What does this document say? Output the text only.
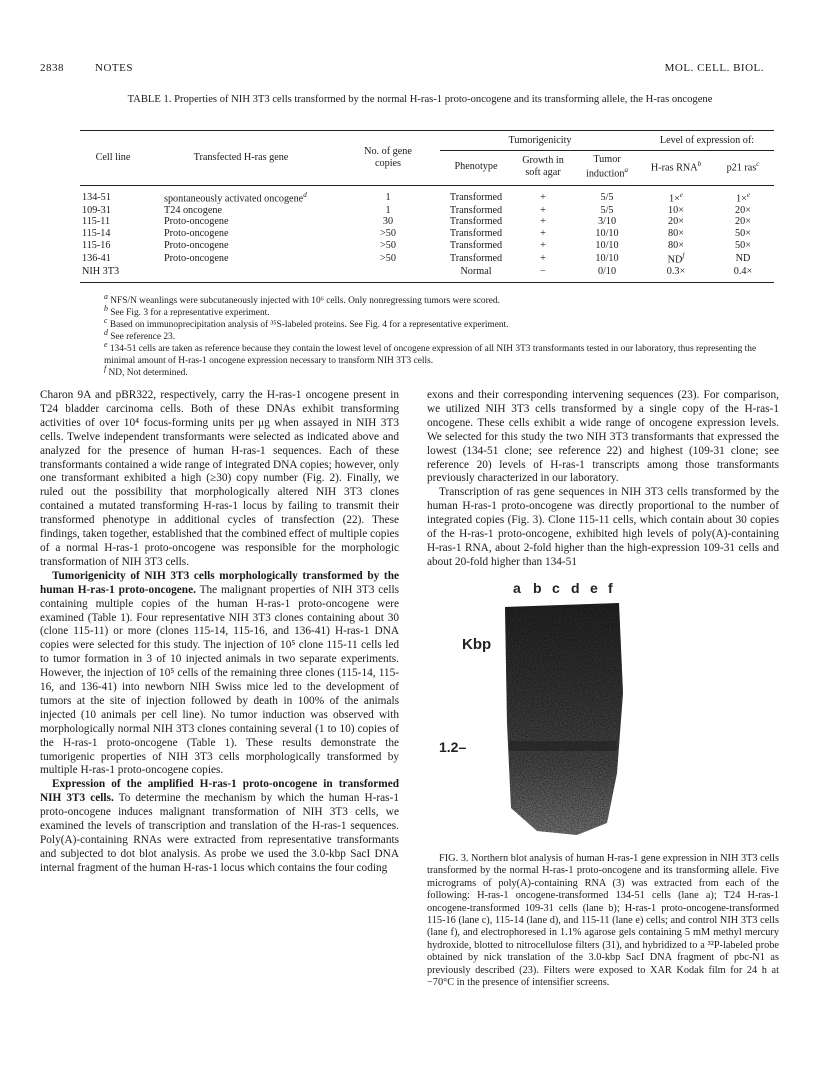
2838	NOTES	MOL. CELL. BIOL.
TABLE 1. Properties of NIH 3T3 cells transformed by the normal H-ras-1 proto-oncogene and its transforming allele, the H-ras oncogene
Cell line	Transfected H-ras gene	No. of gene copies	Tumorigenicity			Level of expression of:	
			Phenotype	Growth in soft agar	Tumor induction$^a$	H-ras RNA$^b$	p21 ras$^c$
134-51	spontaneously activated oncogene$^d$	1	Transformed	+	5/5	1×$^e$	1×$^e$
109-31	T24 oncogene	1	Transformed	+	5/5	10×	20×
115-11	Proto-oncogene	30	Transformed	+	3/10	20×	20×
115-14	Proto-oncogene	>50	Transformed	+	10/10	80×	50×
115-16	Proto-oncogene	>50	Transformed	+	10/10	80×	50×
136-41	Proto-oncogene	>50	Transformed	+	10/10	$ND^f$	ND
NIH 3T3			Normal	−	0/10	0.3×	0.4×
$^a$ NFS/N weanlings were subcutaneously injected with 10⁶ cells. Only nonregressing tumors were scored.
$^b$ See Fig. 3 for a representative experiment.
$^c$ Based on immunoprecipitation analysis of ³⁵S-labeled proteins. See Fig. 4 for a representative experiment.
$^d$ See reference 23.
$^e$ 134-51 cells are taken as reference because they contain the lowest level of oncogene expression of all NIH 3T3 transformants tested in our laboratory, thus representing the minimal amount of H-ras-1 oncogene expression necessary to transform NIH 3T3 cells.
$^f$ ND, Not determined.

Charon 9A and pBR322, respectively, carry the H-ras-1 oncogene present in T24 bladder carcinoma cells. Both of these DNAs exhibit transforming activities of over 10⁴ focus-forming units per μg when assayed in NIH 3T3 cells. Twelve independent transformants were selected as indicated above and analyzed for the presence of human H-ras-1 sequences. Each of these transformants contained a wide range of integrated DNA copies; however, only one transformant exhibited a high (≥30) copy number (Fig. 2). Finally, we ruled out the possibility that morphologically altered NIH 3T3 clones contained a mutated transforming H-ras-1 locus by failing to transmit their transformed phenotype in additional cycles of transfection (22). These findings, taken together, established that the combined effect of multiple copies of a normal H-ras-1 proto-oncogene was responsible for the morphologic transformation of NIH 3T3 cells.

Tumorigenicity of NIH 3T3 cells morphologically transformed by the human H-ras-1 proto-oncogene. The malignant properties of NIH 3T3 cells containing multiple copies of the human H-ras-1 proto-oncogene were examined (Table 1). Four representative NIH 3T3 clones containing about 30 (clone 115-11) or more (clones 115-14, 115-16, and 136-41) H-ras-1 DNA copies were selected for this study. The injection of 10⁵ clone 115-11 cells led to tumor formation in 3 of 10 injected animals in two separate experiments. However, the injection of 10⁵ cells of the remaining three clones (115-14, 115-16, and 136-41) into newborn NIH Swiss mice led to the development of tumors at the site of injection followed by death in 100% of the animals injected (10 animals per cell line). No tumor induction was observed with morphologically normal NIH 3T3 clones containing several (1 to 10) copies of the H-ras-1 proto-oncogene (Table 1). These results demonstrate the tumorigenic properties of NIH 3T3 cells morphologically transformed by multiple H-ras-1 proto-oncogene copies.

Expression of the amplified H-ras-1 proto-oncogene in transformed NIH 3T3 cells. To determine the mechanism by which the human H-ras-1 proto-oncogene induces malignant transformation of NIH 3T3 cells, we examined the levels of transcription and translation of the H-ras-1 sequences. Poly(A)-containing RNAs were extracted from representative transformants and subjected to dot blot analysis. As probe we used the 3.0-kbp SacI DNA internal fragment of the human H-ras-1 locus which contains the four coding

exons and their corresponding intervening sequences (23). For comparison, we utilized NIH 3T3 cells transformed by a single copy of the H-ras-1 oncogene. These cells exhibit a wide range of oncogene expression levels. We selected for this study the two NIH 3T3 transformants that expressed the lowest (134-51 clone; see reference 22) and highest (109-31 clone; see reference 20) levels of H-ras-1 transcripts among those transformants previously characterized in our laboratory.

Transcription of ras gene sequences in NIH 3T3 cells transformed by the human H-ras-1 proto-oncogene was directly proportional to the number of integrated copies (Fig. 3). Clone 115-11 cells, which contain about 30 copies of the H-ras-1 proto-oncogene, exhibited high levels of poly(A)-containing H-ras-1 RNA, about 2-fold higher than the high-expression 109-31 cells and about 20-fold higher than 134-51

Kbp
1.2–
a b c d e f

FIG. 3. Northern blot analysis of human H-ras-1 gene expression in NIH 3T3 cells transformed by the normal H-ras-1 proto-oncogene and its transforming allele. Five micrograms of poly(A)-containing RNA (3) was extracted from each of the following: H-ras-1 oncogene-transformed 134-51 cells (lane a); T24 H-ras-1 oncogene-transformed 109-31 cells (lane b); H-ras-1 proto-oncogene-transformed 115-16 (lane c), 115-14 (lane d), and 115-11 (lane e) cells; and control NIH 3T3 cells (lane f), and electrophoresed in 1.1% agarose gels containing 5 mM methyl mercury hydroxide, blotted to nitrocellulose filters (31), and hybridized to a ³²P-labeled probe obtained by nick translation of the 3.0-kbp SacI DNA fragment of pbc-N1 as previously described (23). Filters were exposed to XAR Kodak film for 24 h at −70°C in the presence of intensifier screens.
